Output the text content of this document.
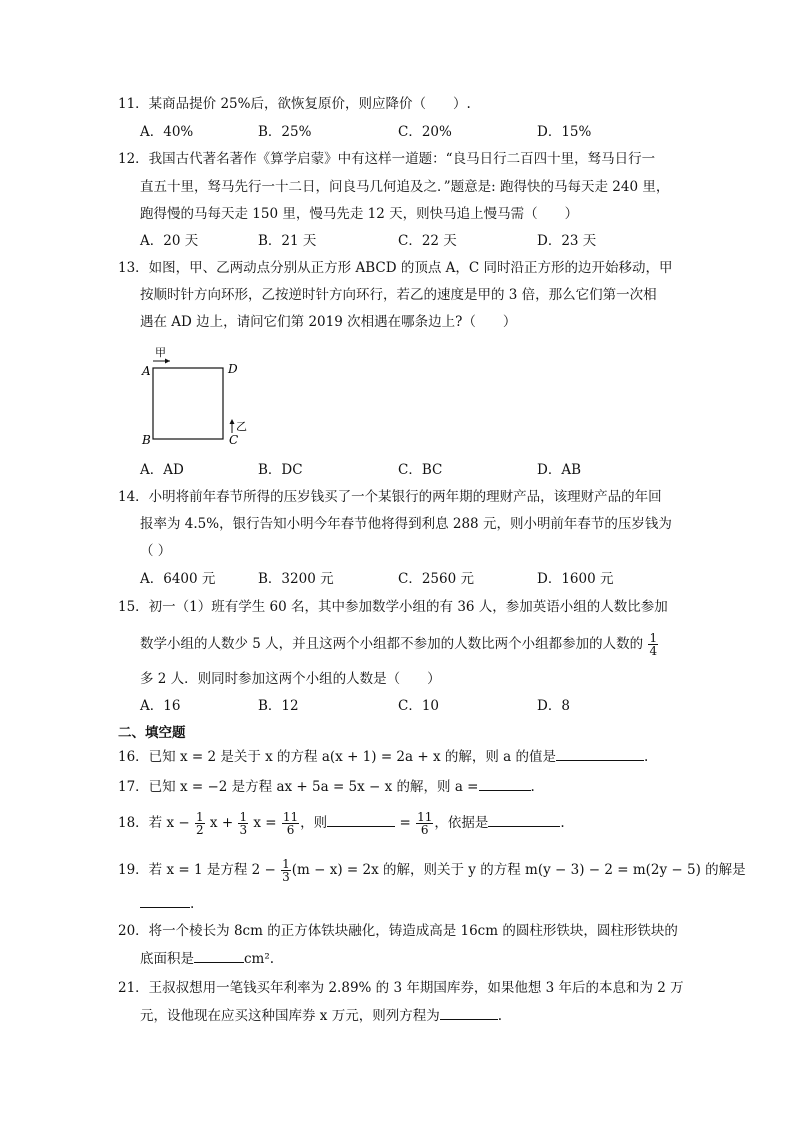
11．某商品提价 25%后，欲恢复原价，则应降价（　　）.
A．40%	B．25%	C．20%	D．15%
12．我国古代著名著作《算学启蒙》中有这样一道题：“良马日行二百四十里，驽马日行一
直五十里，驽马先行一十二日，问良马几何追及之．”题意是: 跑得快的马每天走 240 里，
跑得慢的马每天走 150 里，慢马先走 12 天，则快马追上慢马需（　　）
A．20 天	B．21 天	C．22 天	D．23 天
13．如图，甲、乙两动点分别从正方形 ABCD 的顶点 A，C 同时沿正方形的边开始移动，甲
按顺时针方向环形，乙按逆时针方向环行，若乙的速度是甲的 3 倍，那么它们第一次相
遇在 AD 边上，请问它们第 2019 次相遇在哪条边上?（　　）
甲
A	D
B	C
乙
A．AD	B．DC	C．BC	D．AB
14．小明将前年春节所得的压岁钱买了一个某银行的两年期的理财产品，该理财产品的年回
报率为 4.5%，银行告知小明今年春节他将得到利息 288 元，则小明前年春节的压岁钱为
（ ）
A．6400 元	B．3200 元	C．2560 元	D．1600 元
15．初一（1）班有学生 60 名，其中参加数学小组的有 36 人，参加英语小组的人数比参加
数学小组的人数少 5 人，并且这两个小组都不参加的人数比两个小组都参加的人数的 $\frac{1}{4}$
多 2 人．则同时参加这两个小组的人数是（　　）
A．16	B．12	C．10	D．8
二、填空题
16．已知 x = 2 是关于 x 的方程 a(x + 1) = 2a + x 的解，则 a 的值是	.
17．已知 x = −2 是方程 ax + 5a = 5x − x 的解，则 a =	.
18．若 $x - \frac{1}{2}$ $x + \frac{1}{3}$ $x = \frac{11}{6}$ ，则	= $\frac{11}{6}$ ，依据是	.
19．若 x = 1 是方程 $2 - \frac{1}{3} (m - x) = 2x$ 的解，则关于 y 的方程 m(y − 3) − 2 = m(2y − 5) 的解是
.
20．将一个棱长为 8cm 的正方体铁块融化，铸造成高是 16cm 的圆柱形铁块，圆柱形铁块的
底面积是	cm².
21．王叔叔想用一笔钱买年利率为 2.89% 的 3 年期国库券，如果他想 3 年后的本息和为 2 万
元，设他现在应买这种国库券 x 万元，则列方程为	.
